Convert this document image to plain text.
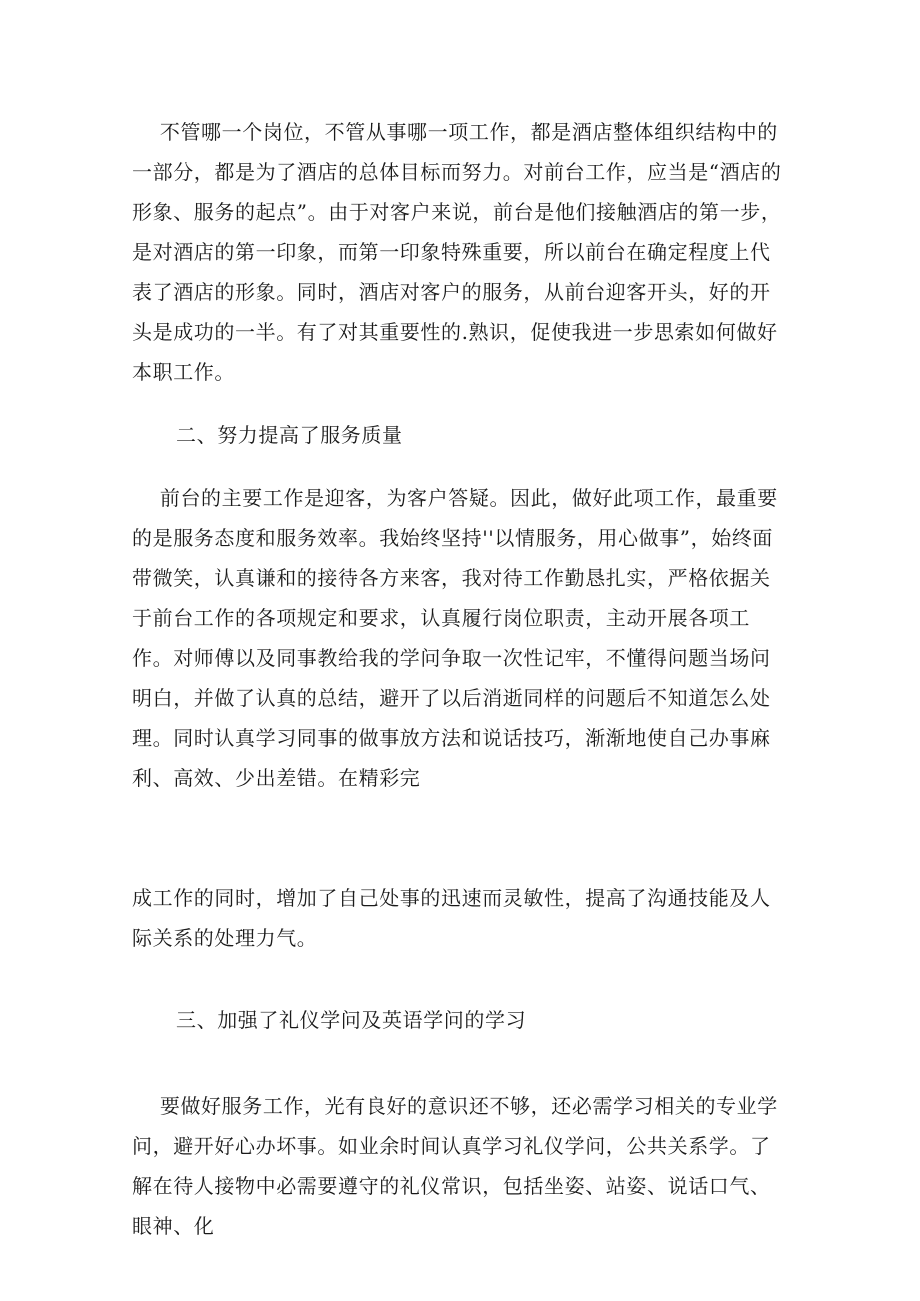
不管哪一个岗位，不管从事哪一项工作，都是酒店整体组织结构中的一部分，都是为了酒店的总体目标而努力。对前台工作，应当是“酒店的形象、服务的起点”。由于对客户来说，前台是他们接触酒店的第一步，是对酒店的第一印象，而第一印象特殊重要，所以前台在确定程度上代表了酒店的形象。同时，酒店对客户的服务，从前台迎客开头，好的开头是成功的一半。有了对其重要性的.熟识，促使我进一步思索如何做好本职工作。

二、努力提高了服务质量

前台的主要工作是迎客，为客户答疑。因此，做好此项工作，最重要的是服务态度和服务效率。我始终坚持''以情服务，用心做事”，始终面带微笑，认真谦和的接待各方来客，我对待工作勤恳扎实，严格依据关于前台工作的各项规定和要求，认真履行岗位职责，主动开展各项工作。对师傅以及同事教给我的学问争取一次性记牢，不懂得问题当场问明白，并做了认真的总结，避开了以后消逝同样的问题后不知道怎么处理。同时认真学习同事的做事放方法和说话技巧，渐渐地使自己办事麻利、高效、少出差错。在精彩完

成工作的同时，增加了自己处事的迅速而灵敏性，提高了沟通技能及人际关系的处理力气。

三、加强了礼仪学问及英语学问的学习

要做好服务工作，光有良好的意识还不够，还必需学习相关的专业学问，避开好心办坏事。如业余时间认真学习礼仪学问，公共关系学。了解在待人接物中必需要遵守的礼仪常识，包括坐姿、站姿、说话口气、眼神、化
